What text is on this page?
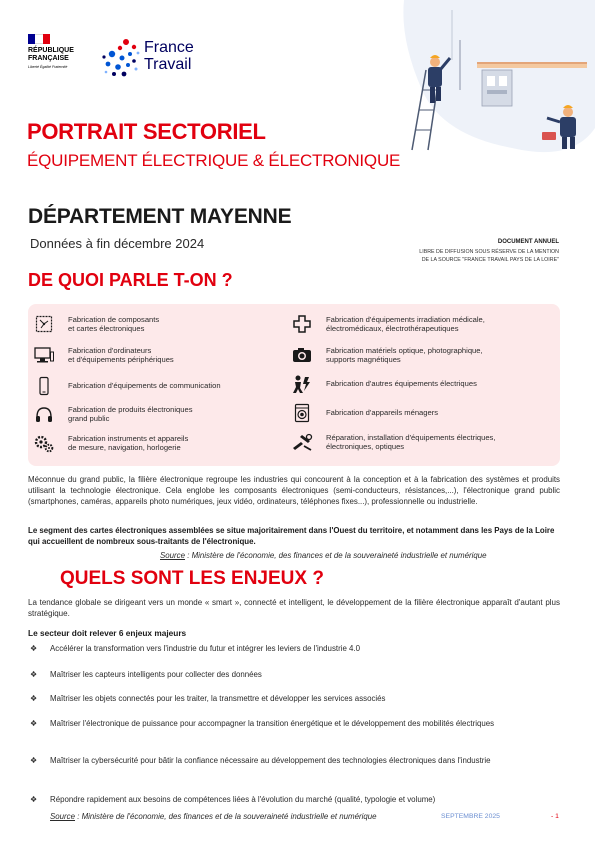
RÉPUBLIQUE FRANÇAISE
Liberté Égalité Fraternité
France
Travail
PORTRAIT SECTORIEL
ÉQUIPEMENT ÉLECTRIQUE & ÉLECTRONIQUE
DÉPARTEMENT MAYENNE
Données à fin décembre 2024	DOCUMENT ANNUEL
LIBRE DE DIFFUSION SOUS RÉSERVE DE LA MENTION
DE LA SOURCE "FRANCE TRAVAIL PAYS DE LA LOIRE"
DE QUOI PARLE T-ON ?
Fabrication de composants
et cartes électroniques
Fabrication d'ordinateurs
et d'équipements périphériques
Fabrication d'équipements de communication
Fabrication de produits électroniques
grand public
Fabrication instruments et appareils
de mesure, navigation, horlogerie
Fabrication d'équipements irradiation médicale,
électromédicaux, électrothérapeutiques
Fabrication matériels optique, photographique,
supports magnétiques
Fabrication d'autres équipements électriques
Fabrication d'appareils ménagers
Réparation, installation d'équipements électriques,
électroniques, optiques
Méconnue du grand public, la filière électronique regroupe les industries qui concourent à la conception et à la fabrication des systèmes et produits utilisant la technologie électronique. Cela englobe les composants électroniques (semi-conducteurs, résistances,...), l'électronique grand public (smartphones, caméras, appareils photo numériques, jeux vidéo, ordinateurs, téléphones fixes...), professionnelle ou industrielle.
Le segment des cartes électroniques assemblées se situe majoritairement dans l'Ouest du territoire, et notamment dans les Pays de la Loire qui accueillent de nombreux sous-traitants de l'électronique.
Source : Ministère de l'économie, des finances et de la souveraineté industrielle et numérique
QUELS SONT LES ENJEUX ?
La tendance globale se dirigeant vers un monde « smart », connecté et intelligent, le développement de la filière électronique apparaît d'autant plus stratégique.
Le secteur doit relever 6 enjeux majeurs
❖	Accélérer la transformation vers l'industrie du futur et intégrer les leviers de l'industrie 4.0
❖	Maîtriser les capteurs intelligents pour collecter des données
❖	Maîtriser les objets connectés pour les traiter, la transmettre et développer les services associés
❖	Maîtriser l'électronique de puissance pour accompagner la transition énergétique et le développement des mobilités électriques
❖	Maîtriser la cybersécurité pour bâtir la confiance nécessaire au développement des technologies électroniques dans l'industrie
❖	Répondre rapidement aux besoins de compétences liées à l'évolution du marché (qualité, typologie et volume)
Source : Ministère de l'économie, des finances et de la souveraineté industrielle et numérique	SEPTEMBRE 2025	- 1
